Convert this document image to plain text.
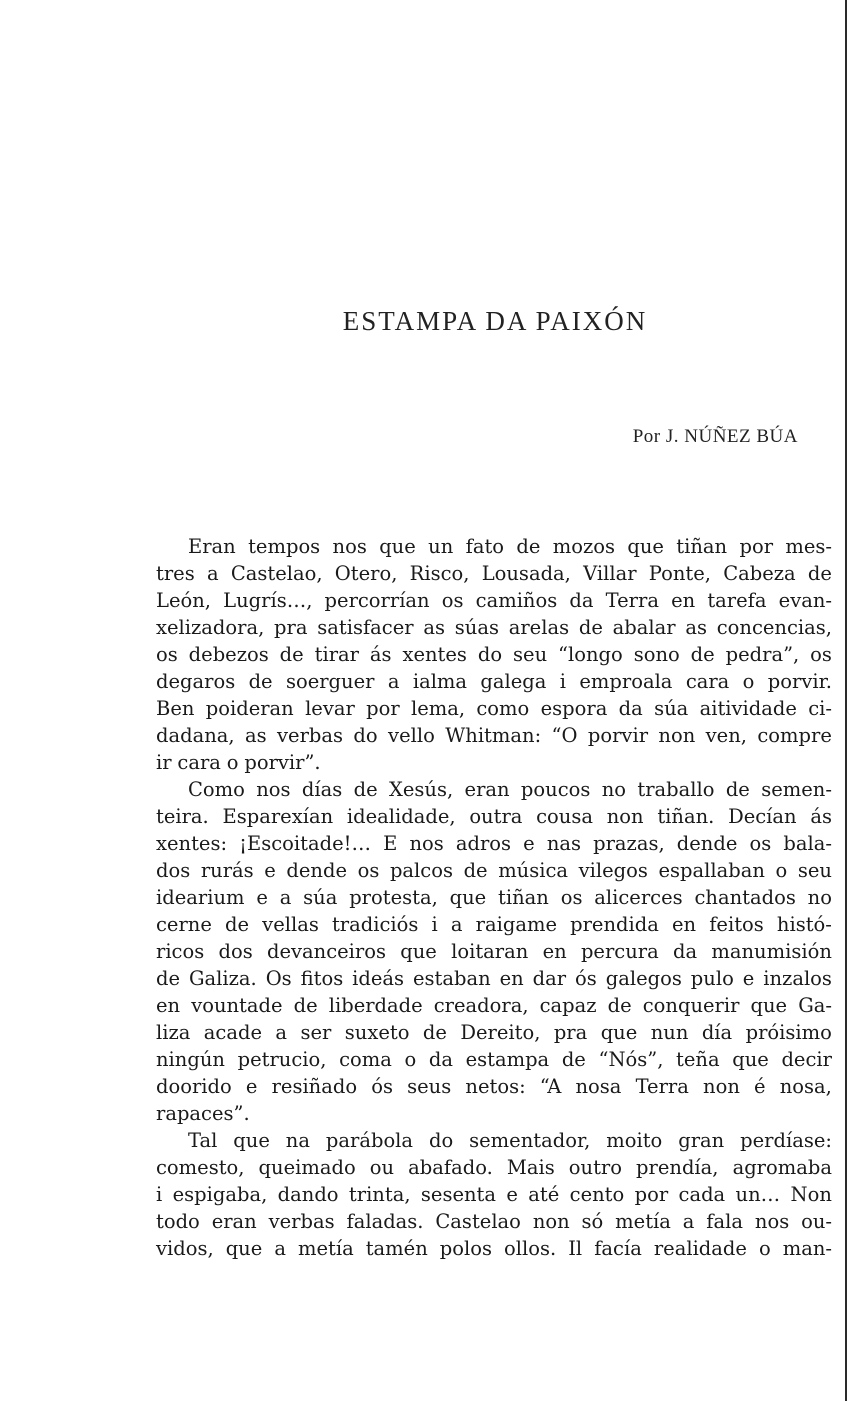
ESTAMPA DA PAIXÓN
Por J. NÚÑEZ BÚA
Eran tempos nos que un fato de mozos que tiñan por mes-
tres a Castelao, Otero, Risco, Lousada, Villar Ponte, Cabeza de
León, Lugrís…, percorrían os camiños da Terra en tarefa evan-
xelizadora, pra satisfacer as súas arelas de abalar as concencias,
os debezos de tirar ás xentes do seu “longo sono de pedra”, os
degaros de soerguer a ialma galega i emproala cara o porvir.
Ben poideran levar por lema, como espora da súa aitividade ci-
dadana, as verbas do vello Whitman: “O porvir non ven, compre
ir cara o porvir”.
Como nos días de Xesús, eran poucos no traballo de semen-
teira. Esparexían idealidade, outra cousa non tiñan. Decían ás
xentes: ¡Escoitade!… E nos adros e nas prazas, dende os bala-
dos rurás e dende os palcos de música vilegos espallaban o seu
idearium e a súa protesta, que tiñan os alicerces chantados no
cerne de vellas tradiciós i a raigame prendida en feitos histó-
ricos dos devanceiros que loitaran en percura da manumisión
de Galiza. Os fitos ideás estaban en dar ós galegos pulo e inzalos
en vountade de liberdade creadora, capaz de conquerir que Ga-
liza acade a ser suxeto de Dereito, pra que nun día próisimo
ningún petrucio, coma o da estampa de “Nós”, teña que decir
doorido e resiñado ós seus netos: “A nosa Terra non é nosa,
rapaces”.
Tal que na parábola do sementador, moito gran perdíase:
comesto, queimado ou abafado. Mais outro prendía, agromaba
i espigaba, dando trinta, sesenta e até cento por cada un… Non
todo eran verbas faladas. Castelao non só metía a fala nos ou-
vidos, que a metía tamén polos ollos. Il facía realidade o man-
